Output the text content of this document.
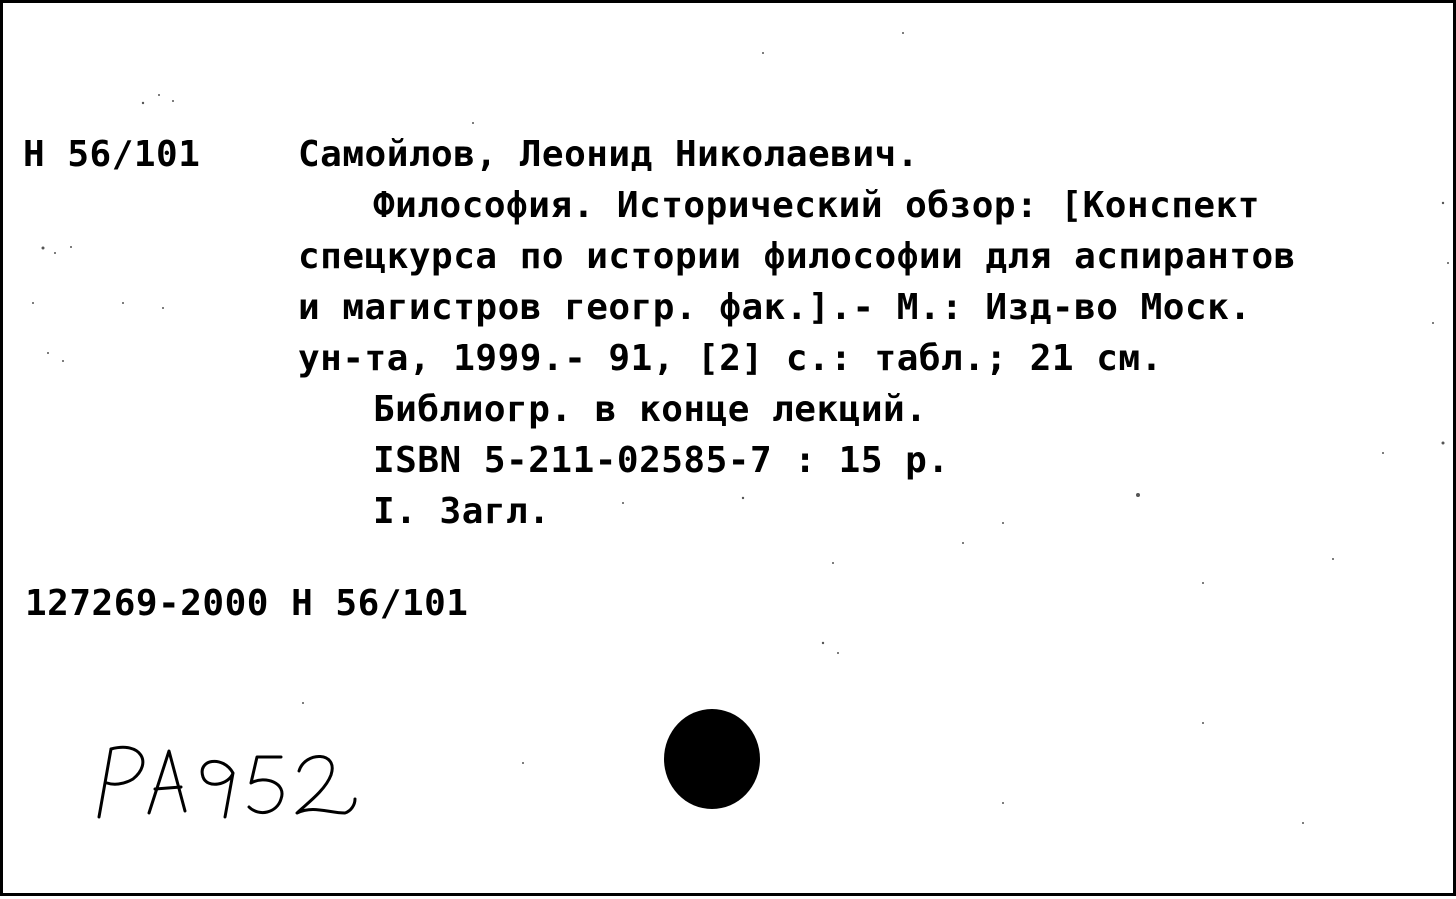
Н 56/101	Самойлов, Леонид Николаевич.
Философия. Исторический обзор: [Конспект
спецкурса по истории философии для аспирантов
и магистров геогр. фак.].- М.: Изд-во Моск.
ун-та, 1999.- 91, [2] с.: табл.; 21 см.
Библиогр. в конце лекций.
ISBN 5-211-02585-7 : 15 р.
I. Загл.
127269-2000 Н 56/101
